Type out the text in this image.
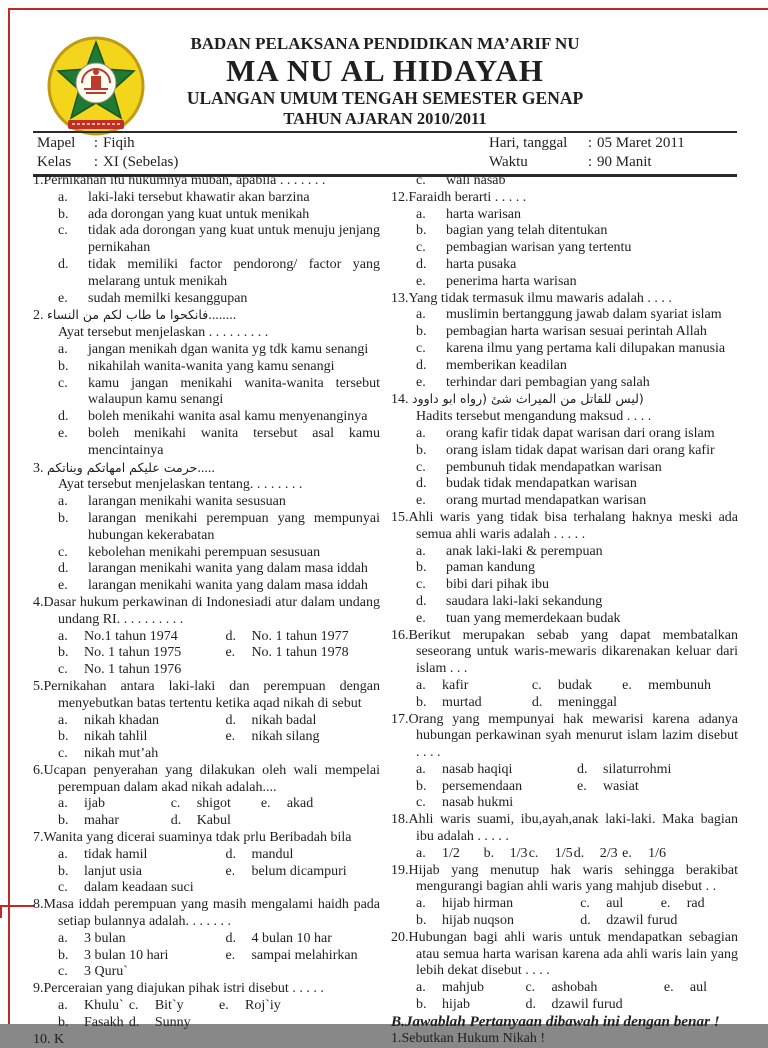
BADAN PELAKSANA PENDIDIKAN MA’ARIF NU
MA NU AL HIDAYAH
ULANGAN UMUM TENGAH SEMESTER GENAP
TAHUN AJARAN 2010/2011
Mapel	: Fiqih	Hari, tanggal	: 05 Maret 2011
Kelas	: XI (Sebelas)	Waktu	: 90 Manit
1.Pernikahan itu hukumnya mubah, apabila . . . . . . .
a. laki-laki tersebut khawatir akan barzina
b. ada dorongan yang kuat untuk menikah
c. tidak ada dorongan yang kuat untuk menuju jenjang pernikahan
d. tidak memiliki factor pendorong/ factor yang melarang untuk menikah
e. sudah memilki kesanggupan
2. فانكحوا ما طاب لكم من النساء........
Ayat tersebut menjelaskan . . . . . . . . .
a. jangan menikah dgan wanita yg tdk kamu senangi
b. nikahilah wanita-wanita yang kamu senangi
c. kamu jangan menikahi wanita-wanita tersebut walaupun kamu senangi
d. boleh menikahi wanita asal kamu menyenanginya
e. boleh menikahi wanita tersebut asal kamu mencintainya
3. حرمت عليكم امهاتكم وبناتكم.....
Ayat tersebut menjelaskan tentang. . . . . . . .
a. larangan menikahi wanita sesusuan
b. larangan menikahi perempuan yang mempunyai hubungan kekerabatan
c. kebolehan menikahi perempuan sesusuan
d. larangan menikahi wanita yang dalam masa iddah
e. larangan menikahi wanita yang dalam masa iddah
4.Dasar hukum perkawinan di Indonesiadi atur dalam undang undang RI. . . . . . . . . .
a. No.1 tahun 1974	d. No. 1 tahun 1977
b. No. 1 tahun 1975	e. No. 1 tahun 1978
c. No. 1 tahun 1976
5.Pernikahan antara laki-laki dan perempuan dengan menyebutkan batas tertentu ketika aqad nikah di sebut
a. nikah khadan	d. nikah badal
b. nikah tahlil	e. nikah silang
c. nikah mut’ah
6.Ucapan penyerahan yang dilakukan oleh wali mempelai perempuan dalam akad nikah adalah....
a. ijab	c. shigot	e. akad
b. mahar	d. Kabul
7.Wanita yang dicerai suaminya tdak prlu Beribadah bila
a. tidak hamil	d. mandul
b. lanjut usia	e. belum dicampuri
c. dalam keadaan suci
8.Masa iddah perempuan yang masih mengalami haidh pada setiap bulannya adalah. . . . . . .
a. 3 bulan	d. 4 bulan 10 har
b. 3 bulan 10 hari	e. sampai melahirkan
c. 3 Quru`
9.Perceraian yang diajukan pihak istri disebut . . . . .
a. Khulu` c. Bit`y	e. Roj`iy
b. Fasakh d. Sunny
10. K
c. wali nasab
12.Faraidh berarti . . . . .
a. harta warisan
b. bagian yang telah ditentukan
c. pembagian warisan yang tertentu
d. harta pusaka
e. penerima harta warisan
13.Yang tidak termasuk ilmu mawaris adalah . . . .
a. muslimin bertanggung jawab dalam syariat islam
b. pembagian harta warisan sesuai perintah Allah
c. karena ilmu yang pertama kali dilupakan manusia
d. memberikan keadilan
e. terhindar dari pembagian yang salah
14. (ليس للقاتل من الميراث شئ (رواه ابو داوود
Hadits tersebut mengandung maksud . . . .
a. orang kafir tidak dapat warisan dari orang islam
b. orang islam tidak dapat warisan dari orang kafir
c. pembunuh tidak mendapatkan warisan
d. budak tidak mendapatkan warisan
e. orang murtad mendapatkan warisan
15.Ahli waris yang tidak bisa terhalang haknya meski ada semua ahli waris adalah . . . . .
a. anak laki-laki & perempuan
b. paman kandung
c. bibi dari pihak ibu
d. saudara laki-laki sekandung
e. tuan yang memerdekaan budak
16.Berikut merupakan sebab yang dapat membatalkan seseorang untuk waris-mewaris dikarenakan keluar dari islam . . .
a. kafir	c. budak	e. membunuh
b. murtad	d. meninggal
17.Orang yang mempunyai hak mewarisi karena adanya hubungan perkawinan syah menurut islam lazim disebut . . . .
a. nasab haqiqi	d. silaturrohmi
b. persemendaan	e. wasiat
c. nasab hukmi
18.Ahli waris suami, ibu,ayah,anak laki-laki. Maka bagian ibu adalah . . . . .
a. 1/2	b. 1/3 c. 1/5 d. 2/3 e. 1/6
19.Hijab yang menutup hak waris sehingga berakibat mengurangi bagian ahli waris yang mahjub disebut . .
a. hijab hirman	c. aul	e. rad
b. hijab nuqson	d. dzawil furud
20.Hubungan bagi ahli waris untuk mendapatkan sebagian atau semua harta warisan karena ada ahli waris lain yang lebih dekat disebut . . . .
a. mahjub	c. ashobah	e. aul
b. hijab	d. dzawil furud
B.Jawablah Pertanyaan dibawah ini dengan benar !
1.Sebutkan Hukum Nikah !
